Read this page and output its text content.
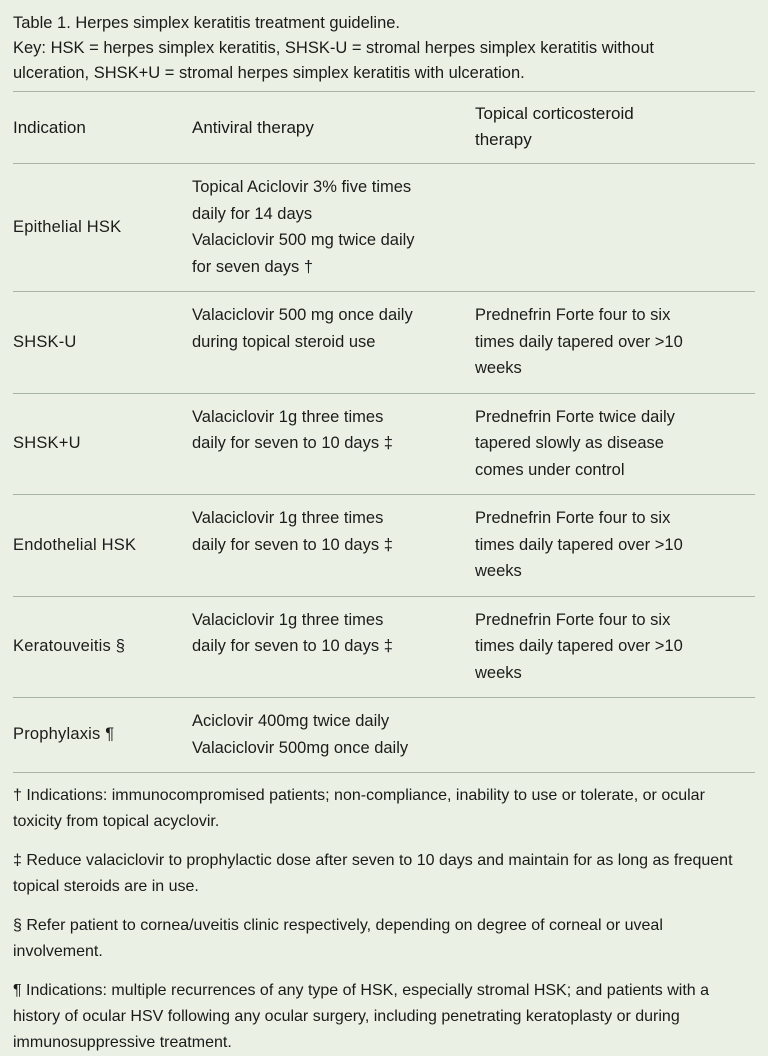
Table 1. Herpes simplex keratitis treatment guideline.
Key: HSK = herpes simplex keratitis, SHSK-U = stromal herpes simplex keratitis without
ulceration, SHSK+U = stromal herpes simplex keratitis with ulceration.
Indication	Antiviral therapy	Topical corticosteroid
therapy

Epithelial HSK	Topical Aciclovir 3% five times
daily for 14 days
Valaciclovir 500 mg twice daily
for seven days †	

SHSK-U	Valaciclovir 500 mg once daily
during topical steroid use	Prednefrin Forte four to six
times daily tapered over >10
weeks

SHSK+U	Valaciclovir 1g three times
daily for seven to 10 days ‡	Prednefrin Forte twice daily
tapered slowly as disease
comes under control

Endothelial HSK	Valaciclovir 1g three times
daily for seven to 10 days ‡	Prednefrin Forte four to six
times daily tapered over >10
weeks

Keratouveitis §	Valaciclovir 1g three times
daily for seven to 10 days ‡	Prednefrin Forte four to six
times daily tapered over >10
weeks

Prophylaxis ¶	Aciclovir 400mg twice daily
Valaciclovir 500mg once daily	

† Indications: immunocompromised patients; non-compliance, inability to use or tolerate, or ocular toxicity from topical acyclovir.
‡ Reduce valaciclovir to prophylactic dose after seven to 10 days and maintain for as long as frequent topical steroids are in use.
§ Refer patient to cornea/uveitis clinic respectively, depending on degree of corneal or uveal involvement.
¶ Indications: multiple recurrences of any type of HSK, especially stromal HSK; and patients with a history of ocular HSV following any ocular surgery, including penetrating keratoplasty or during immunosuppressive treatment.
